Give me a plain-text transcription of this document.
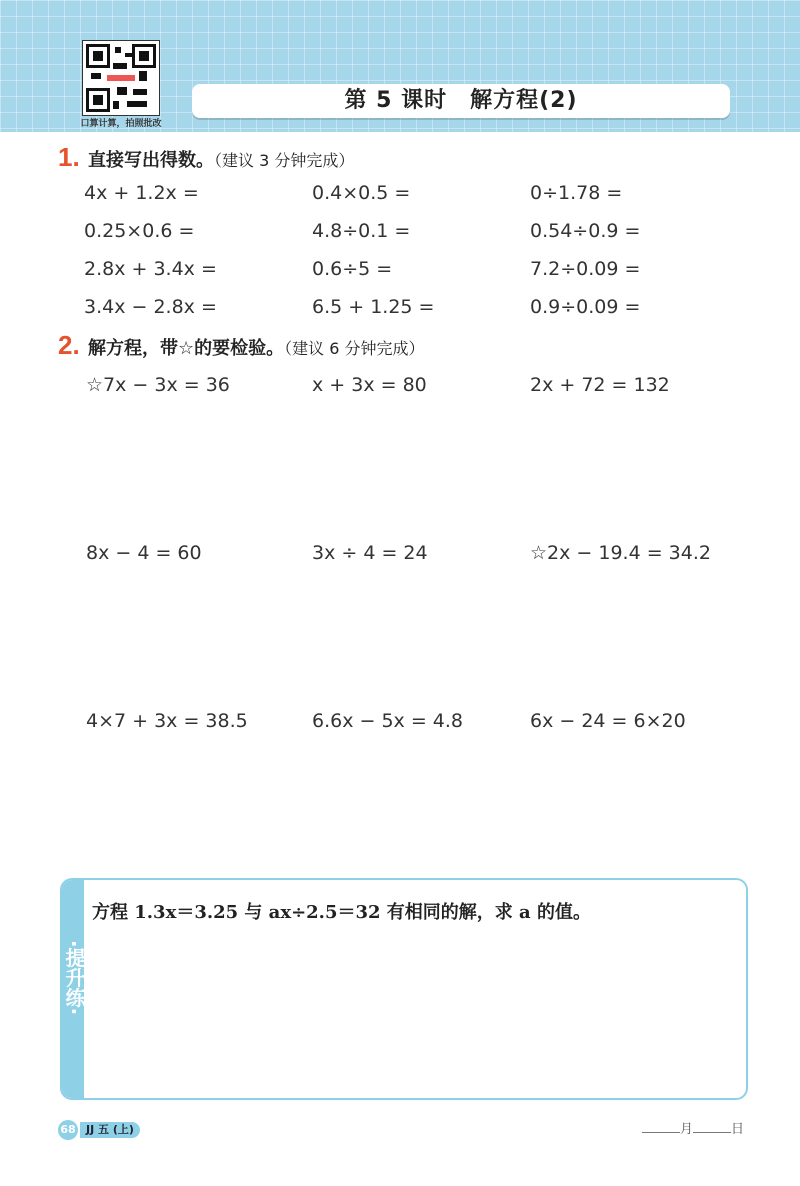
口算计算，拍照批改
第 5 课时　解方程(2)
1. 直接写出得数。（建议 3 分钟完成）
4x + 1.2x =	0.4×0.5 =	0÷1.78 =
0.25×0.6 =	4.8÷0.1 =	0.54÷0.9 =
2.8x + 3.4x =	0.6÷5 =	7.2÷0.09 =
3.4x − 2.8x =	6.5 + 1.25 =	0.9÷0.09 =
2. 解方程，带☆的要检验。（建议 6 分钟完成）
☆7x − 3x = 36	x + 3x = 80	2x + 72 = 132
8x − 4 = 60	3x ÷ 4 = 24	☆2x − 19.4 = 34.2
4×7 + 3x = 38.5	6.6x − 5x = 4.8	6x − 24 = 6×20
·提升练·
方程 1.3x＝3.25 与 ax÷2.5＝32 有相同的解，求 a 的值。
68 JJ 五 (上)	月	日
